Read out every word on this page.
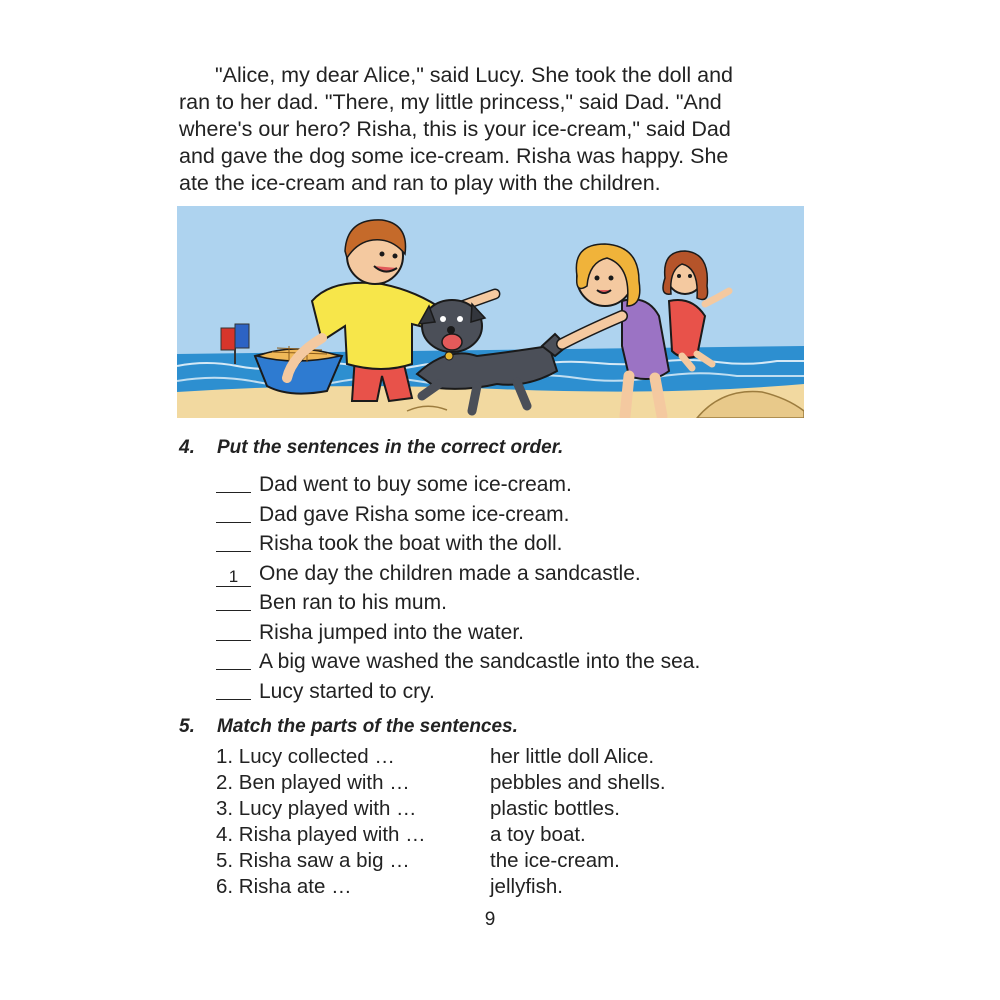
"Alice, my dear Alice," said Lucy. She took the doll and
ran to her dad. "There, my little princess," said Dad. "And
where's our hero? Risha, this is your ice-cream," said Dad
and gave the dog some ice-cream. Risha was happy. She
ate the ice-cream and ran to play with the children.
4. Put the sentences in the correct order.
Dad went to buy some ice-cream.
Dad gave Risha some ice-cream.
Risha took the boat with the doll.
1 One day the children made a sandcastle.
Ben ran to his mum.
Risha jumped into the water.
A big wave washed the sandcastle into the sea.
Lucy started to cry.
5. Match the parts of the sentences.
1. Lucy collected …	her little doll Alice.
2. Ben played with …	pebbles and shells.
3. Lucy played with …	plastic bottles.
4. Risha played with …	a toy boat.
5. Risha saw a big …	the ice-cream.
6. Risha ate …	jellyfish.
9
